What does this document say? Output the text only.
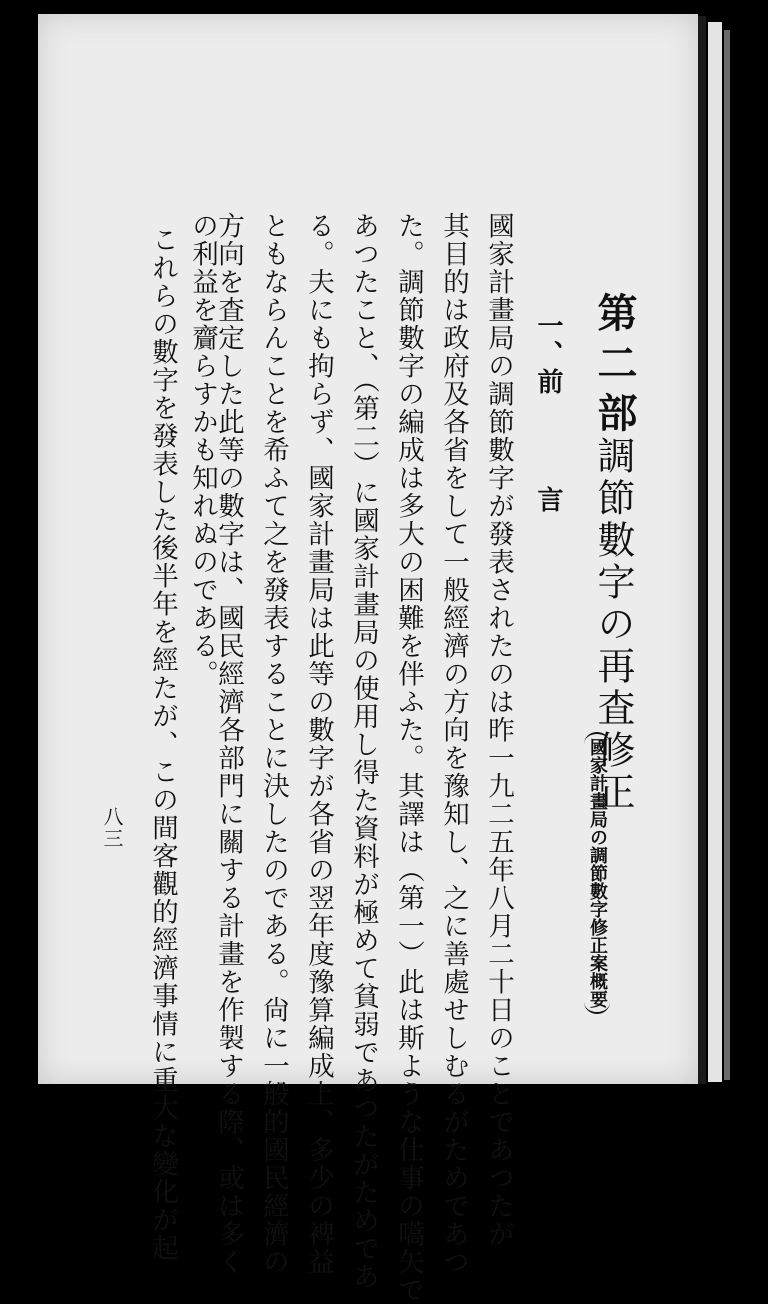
第二部
調節數字の再査修正
國家計畫局の調節數字修正案概要
一、前言
國家計畫局の調節數字が發表されたのは昨一九二五年八月二十日のことであつたが
其目的は政府及各省をして一般經濟の方向を豫知し、之に善處せしむるがためであつ
た。調節數字の編成は多大の困難を伴ふた。其譯は（第一）此は斯ような仕事の嚆矢で
あつたこと、（第二）に國家計畫局の使用し得た資料が極めて貧弱であつたがためであ
る。夫にも拘らず、國家計畫局は此等の數字が各省の翌年度豫算編成上、多少の裨益
ともならんことを希ふて之を發表することに決したのである。尙に一般的國民經濟の
方向を査定した此等の數字は、國民經濟各部門に關する計畫を作製する際、或は多く
の利益を齎らすかも知れぬのである。
これらの數字を發表した後半年を經たが、この間客觀的經濟事情に重大な變化が起
八三
